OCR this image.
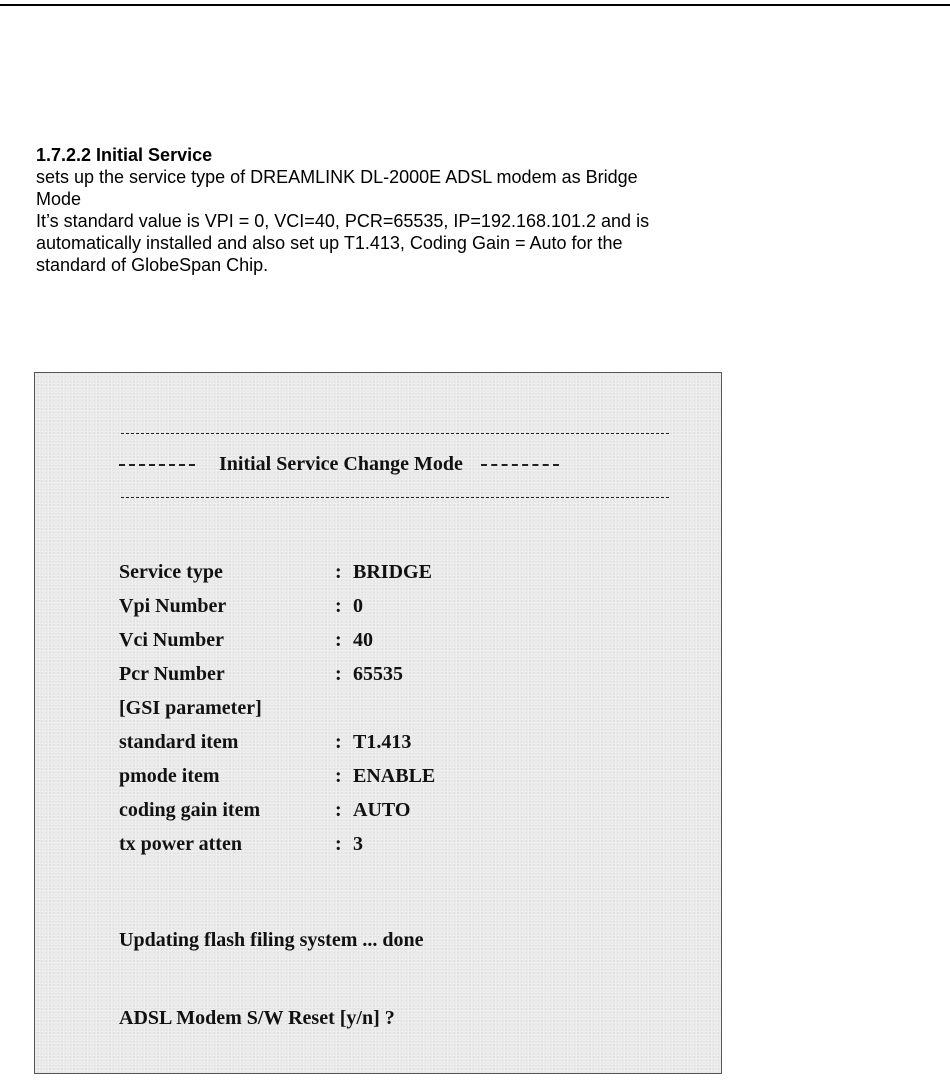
1.7.2.2 Initial Service

sets up the service type of DREAMLINK DL-2000E ADSL modem as Bridge

Mode

It’s standard value is VPI = 0, VCI=40, PCR=65535, IP=192.168.101.2 and is

automatically installed and also set up T1.413, Coding Gain = Auto for the

standard of GlobeSpan Chip.

Initial Service Change Mode
Service type	: BRIDGE
Vpi Number	: 0
Vci Number	: 40
Pcr Number	: 65535
[GSI parameter]
standard item	: T1.413
pmode item	: ENABLE
coding gain item	: AUTO
tx power atten	: 3
Updating flash filing system ... done
ADSL Modem S/W Reset [y/n] ?
